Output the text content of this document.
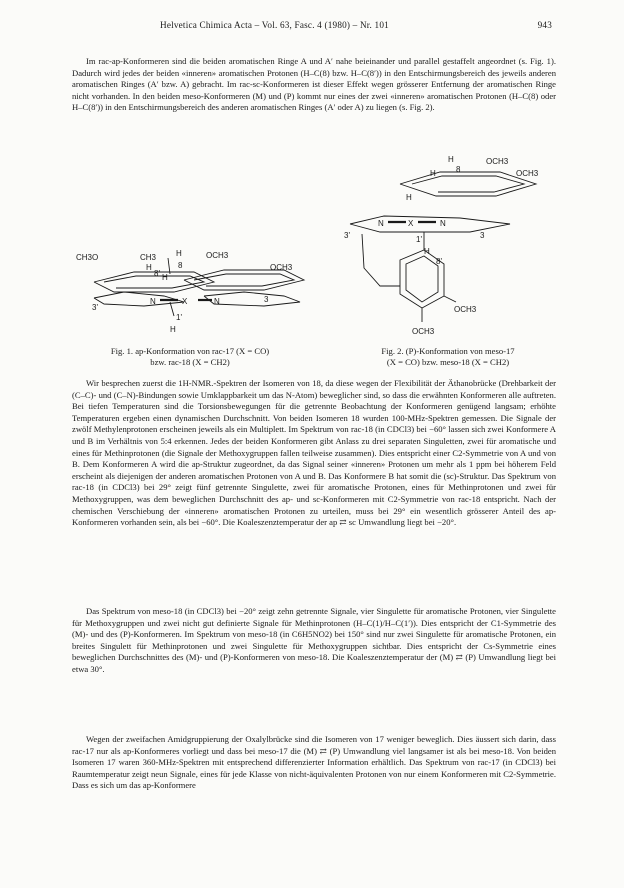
Helvetica Chimica Acta – Vol. 63, Fasc. 4 (1980) – Nr. 101	943

Im rac-ap-Konformeren sind die beiden aromatischen Ringe A und A′ nahe beieinander und parallel gestaffelt angeordnet (s. Fig. 1). Dadurch wird jedes der beiden «inneren» aromatischen Protonen (H–C(8) bzw. H–C(8′)) in den Entschirmungsbereich des jeweils anderen aromatischen Ringes (A′ bzw. A) gebracht. Im rac-sc-Konformeren ist dieser Effekt wegen grösserer Entfernung der aromatischen Ringe nicht vorhanden. In den beiden meso-Konformeren (M) und (P) kommt nur eines der zwei «inneren» aromatischen Protonen (H–C(8) oder H–C(8′)) in den Entschirmungsbereich des anderen aromatischen Ringes (A′ oder A) zu liegen (s. Fig. 2).

CH3O	CH3 H	OCH3
OCH3
H
H
8
8'
3'
3
N	X	N
1'
H
H	OCH3
OCH3
H	8
H
N	X	N
3'	3
1'
H
8'
OCH3
OCH3
Fig. 1. ap-Konformation von rac-17 (X = CO)
bzw. rac-18 (X = CH2)
Fig. 2. (P)-Konformation von meso-17
(X = CO) bzw. meso-18 (X = CH2)

Wir besprechen zuerst die 1H-NMR.-Spektren der Isomeren von 18, da diese wegen der Flexibilität der Äthanobrücke (Drehbarkeit der (C–C)- und (C–N)-Bindungen sowie Umklappbarkeit um das N-Atom) beweglicher sind, so dass die erwähnten Konformeren alle auftreten. Bei tiefen Temperaturen sind die Torsionsbewegungen für die getrennte Beobachtung der Konformeren genügend langsam; erhöhte Temperaturen ergeben einen dynamischen Durchschnitt. Von beiden Isomeren 18 wurden 100-MHz-Spektren gemessen. Die Signale der zwölf Methylenprotonen erscheinen jeweils als ein Multiplett. Im Spektrum von rac-18 (in CDCl3) bei −60° lassen sich zwei Konformere A und B im Verhältnis von 5:4 erkennen. Jedes der beiden Konformeren gibt Anlass zu drei separaten Singuletten, zwei für aromatische und eines für Methinprotonen (die Signale der Methoxygruppen fallen teilweise zusammen). Dies entspricht einer C2-Symmetrie von A und von B. Dem Konformeren A wird die ap-Struktur zugeordnet, da das Signal seiner «inneren» Protonen um mehr als 1 ppm bei höherem Feld erscheint als diejenigen der anderen aromatischen Protonen von A und B. Das Konformere B hat somit die (sc)-Struktur. Das Spektrum von rac-18 (in CDCl3) bei 29° zeigt fünf getrennte Singulette, zwei für aromatische Protonen, eines für Methinprotonen und zwei für Methoxygruppen, was dem beweglichen Durchschnitt des ap- und sc-Konformeren mit C2-Symmetrie von rac-18 entspricht. Nach der chemischen Verschiebung der «inneren» aromatischen Protonen zu urteilen, muss bei 29° ein wesentlich grösserer Anteil des ap-Konformeren vorhanden sein, als bei −60°. Die Koaleszenztemperatur der ap ⇄ sc Umwandlung liegt bei −20°.

Das Spektrum von meso-18 (in CDCl3) bei −20° zeigt zehn getrennte Signale, vier Singulette für aromatische Protonen, vier Singulette für Methoxygruppen und zwei nicht gut definierte Signale für Methinprotonen (H–C(1)/H–C(1′)). Dies entspricht der C1-Symmetrie des (M)- und des (P)-Konformeren. Im Spektrum von meso-18 (in C6H5NO2) bei 150° sind nur zwei Singulette für aromatische Protonen, ein breites Singulett für Methinprotonen und zwei Singulette für Methoxygruppen sichtbar. Dies entspricht der Cs-Symmetrie eines beweglichen Durchschnittes des (M)- und (P)-Konformeren von meso-18. Die Koaleszenztemperatur der (M) ⇄ (P) Umwandlung liegt bei etwa 30°.

Wegen der zweifachen Amidgruppierung der Oxalylbrücke sind die Isomeren von 17 weniger beweglich. Dies äussert sich darin, dass rac-17 nur als ap-Konformeres vorliegt und dass bei meso-17 die (M) ⇄ (P) Umwandlung viel langsamer ist als bei meso-18. Von beiden Isomeren 17 waren 360-MHz-Spektren mit entsprechend differenzierter Information erhältlich. Das Spektrum von rac-17 (in CDCl3) bei Raumtemperatur zeigt neun Signale, eines für jede Klasse von nicht-äquivalenten Protonen von nur einem Konformeren mit C2-Symmetrie. Dass es sich um das ap-Konformere
